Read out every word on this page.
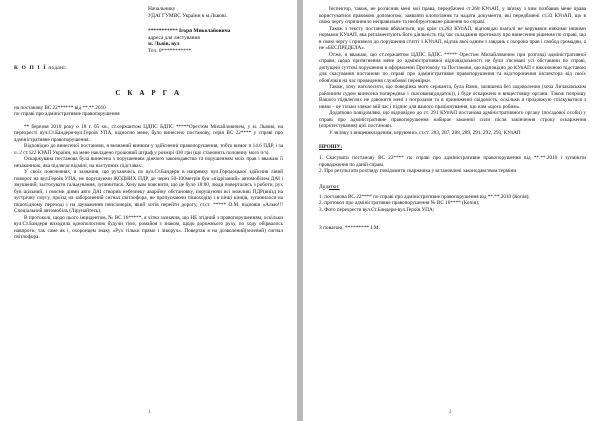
Начальнику

УДАІ ГУМВС України в м.Львові.

*********** Ігоря Миколайовича

адреса для листування

м. Львів, вул

Тел. 0***********

К О П І Ї подані:

С К А Р Г А

на постанову ВС 22****** від **.**.2010

по справі про адміністративне правопорушення

** березня 2010 року о 18 г. 05 хв., ст.сержантом ЦДПС БДПС *****Орестом Михайловичем, у м. Львові, на перехресті вул.Ст.Бандери-вул.Героїв УПА, відносно мене, було винесено постанову, серія ВС 22**** у справі про адміністративне правопорушення.

Відповідно до винесеної постанови, я визнаний винним у здійсненні правопорушення, тобто вимог п.14.6 ПДР, і за ч. 2 ст.122 КУАП України, на мене накладено грошовий штраф у розмірі 430 грн (що становить половину мого п/з).

Оскаржувана постанова була винесена з порушенням діючого законодавства та порушенням моїх прав і вважаю її незаконною, яка підлягає відміні, на наступних підставах:

У своїх поясненнях, я зазначив, що рухаючись по вул.Ст.Бандери в напрямку вул.Городоцької здійснив лівий поворот на вул.Героїв УПА, не порушуючи ЖОДНИХ ПДР, де через 50-100метрів був «підрізаний» автомобілем ДАІ і змушений, застосувати гальмування, зупинитися. Хочу вам пояснити, що це було 18:00, люди повертались з роботи, рух був щільний, і своєми діями авто ДАІ створив небезпеку аварійну обстановку, порушуючи всі можливі ПДР(виїзд на зустрічну смугу, проїзд на заборонений сигнал світлофора, не пропускаючи пішоходів) і в кінці кінців, зупинилося на пішохідному переході і на зауваження пенсіонерів, який хотів перейти дорогу, ст.ст. ***** О.М. відповів «Алью!!!Спеціальний автомобіль (Лірунайтесь).

В протоколі, щодо цього інцидентом, № ВС 16*****, я чітко зазначив, що НЕ згідний з правопорушенням, оскільки вул.Ст.Бандери виходила однополосною будучи тією, ромайоя з знаком, щодо дорожнього руху, по ходу обірвалось навпроти, так саме як і, охоронцем знаку «Рух тільки прямо і ліворуч». Повертав я на дозволений(зелений) сигнал світлофора.

1

Інспектор, також, не роз'яснив мені мої права, передбачені ст.268 КУпАП, у зв'язку з чим позбавив мене права користуватися правовою допомогою, заявляти клопотання та надати документи, які передбачені ст.33 КУпАП, що в свою чергу спричинило неправильне та необґрунтоване рішення по справі.

Також з тексту постанови вбачається, що крім ст.283 КУпАП, відповідач взагалі не керувався ніякими іншими нормами КУпАП, яка регламентують його діяльність під час складання протоколу про винесення рішення по справі, що в свою чергу і призвело до порушення статті 1 КУпАП, відтак якої одним з завдань є охорона прав і свобод громадян, а не «БЕСПРЕДЕЛА».

Отже, я вважаю, що ст.сержантом ЦДПС БДПС ***** Орестом Михайловичем при розгляді адміністративної справи, щодо притягнення мене до адміністративної відповідальності не були з'ясовані усі обставини по справі, допущені суттєві порушення в оформленні Протоколу та Постанови, що відповідно до КУпАП є виключною підставою для скасування постанови по справі про адміністративне правопорушення та відсторонення інспектора від своїх обов'язків на час проведення службової перевірки.

Також, хочу наголосити, що поведінка мого сержанта, була Вами, залишена без задоволення (хоча Личаківським районним судом винесена попередньо і скасована(додаток)), і буде оскаржено в вищестоящу органи. Також попрошу Вашого підвлеглих не дзвонити мені з погрозами та в приниженні свідомість, оскільки я продовжую спілкуватися з ними – це тільки злякає мій час і підпис для вашого праціонування, що нам «щось робим».

Додатково повідомляю, що відповідно до ст. 291 КУпАП постанова адміністративного органу (посадової особи) у справі про адміністративне правопорушення набирає законної сили після закінчення строку оскарження (опротестування) цієї постанови.

У зв'язку з вищевикладеним, керуючись ст.ст. 283, 287, 288, 289, 291, 292, 293, КУпАП

ПРОШУ:

1. Скасувати постанову ВС 22**** по справі про адміністративне правопорушення від **.**.2010 і зупинити провадження по даній справі.

2. Про результати розгляду повідомити скаржника у встановлені законодавством терміни.

Додатки:

1. постанова ВС 22**** по справі про адміністративне правопорушення від **.**.2010 (Копія);

2. протокол про адміністративне правопорушення № ВС 16**** (Копія);

3. Фото перехрестя вул.Ст.Бандери-вул.Героїв УПА;

З повагою, ********* І.М.

2
